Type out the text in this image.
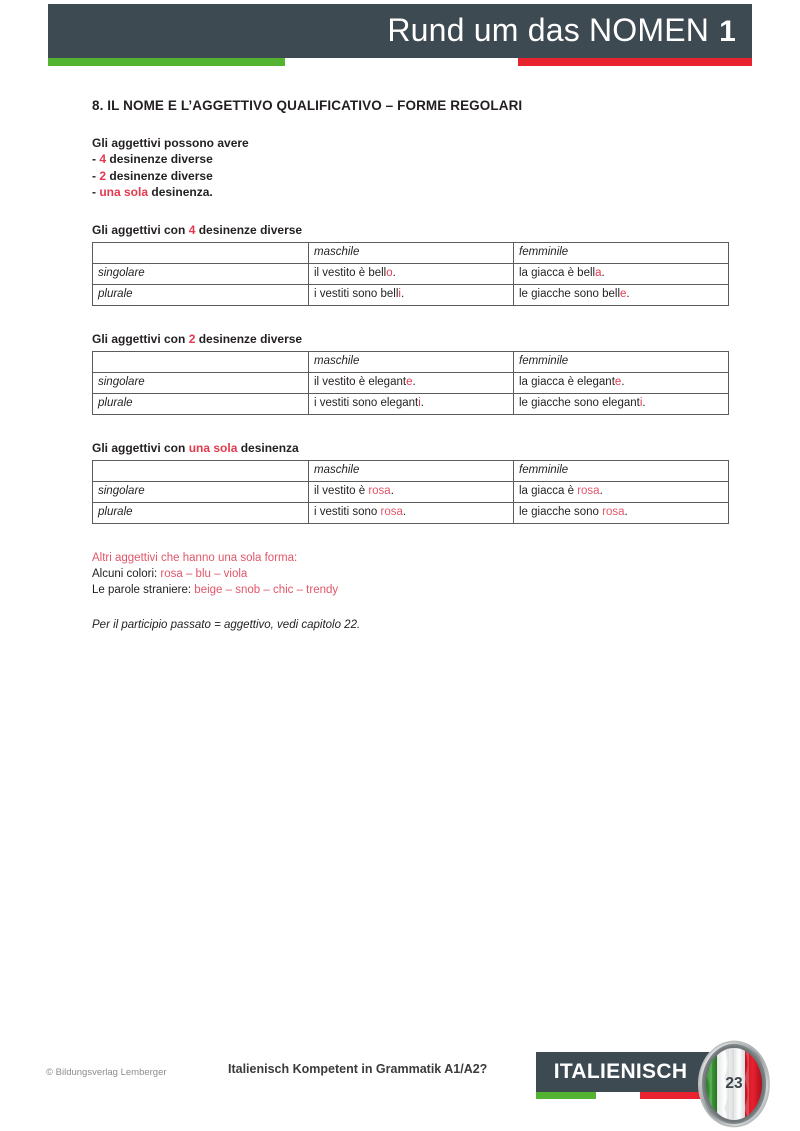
Rund um das NOMEN 1
8. IL NOME E L’AGGETTIVO QUALIFICATIVO – FORME REGOLARI
Gli aggettivi possono avere
- 4 desinenze diverse
- 2 desinenze diverse
- una sola desinenza.
Gli aggettivi con 4 desinenze diverse
	maschile	femminile
singolare	il vestito è bello.	la giacca è bella.
plurale	i vestiti sono belli.	le giacche sono belle.
Gli aggettivi con 2 desinenze diverse
	maschile	femminile
singolare	il vestito è elegante.	la giacca è elegante.
plurale	i vestiti sono eleganti.	le giacche sono eleganti.
Gli aggettivi con una sola desinenza
	maschile	femminile
singolare	il vestito è rosa.	la giacca è rosa.
plurale	i vestiti sono rosa.	le giacche sono rosa.
Altri aggettivi che hanno una sola forma:
Alcuni colori: rosa – blu – viola
Le parole straniere: beige – snob – chic – trendy
Per il participio passato = aggettivo, vedi capitolo 22.
© Bildungsverlag Lemberger	Italienisch Kompetent in Grammatik A1/A2?	ITALIENISCH
23
